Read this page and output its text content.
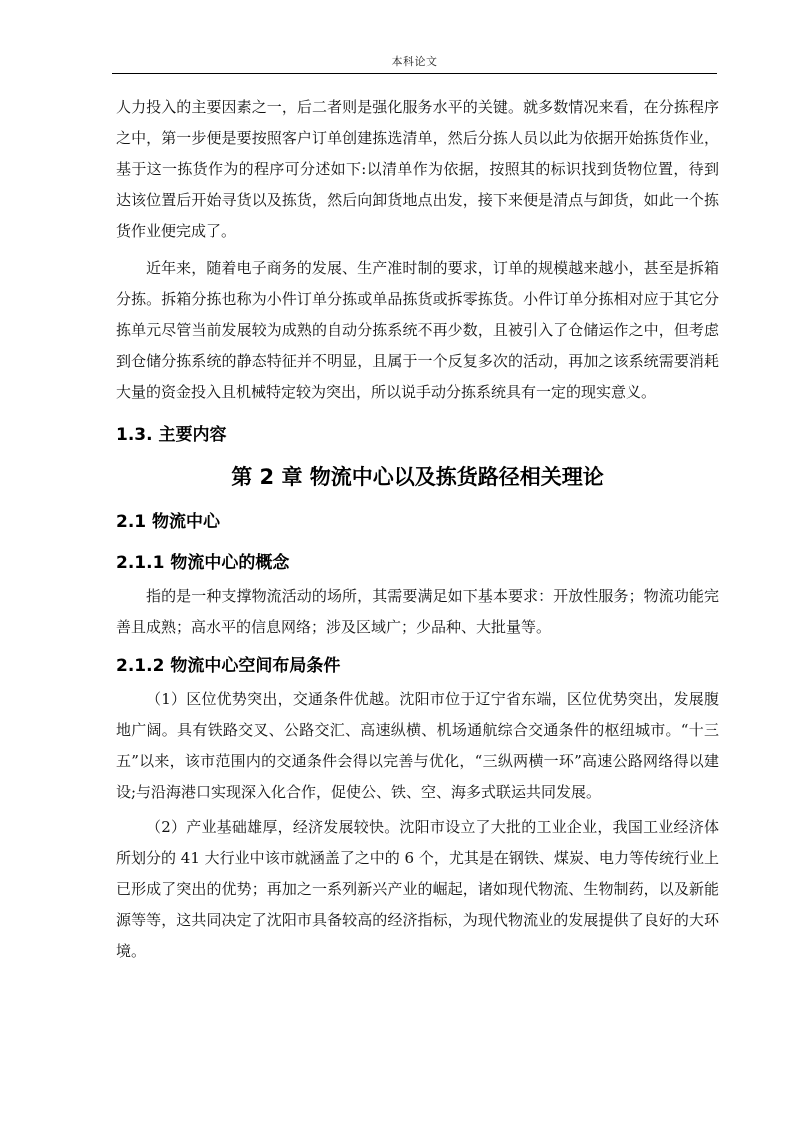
本科论文

人力投入的主要因素之一，后二者则是强化服务水平的关键。就多数情况来看，在分拣程序之中，第一步便是要按照客户订单创建拣选清单，然后分拣人员以此为依据开始拣货作业，基于这一拣货作为的程序可分述如下:以清单作为依据，按照其的标识找到货物位置，待到达该位置后开始寻货以及拣货，然后向卸货地点出发，接下来便是清点与卸货，如此一个拣货作业便完成了。

近年来，随着电子商务的发展、生产准时制的要求，订单的规模越来越小，甚至是拆箱分拣。拆箱分拣也称为小件订单分拣或单品拣货或拆零拣货。小件订单分拣相对应于其它分拣单元尽管当前发展较为成熟的自动分拣系统不再少数，且被引入了仓储运作之中，但考虑到仓储分拣系统的静态特征并不明显，且属于一个反复多次的活动，再加之该系统需要消耗大量的资金投入且机械特定较为突出，所以说手动分拣系统具有一定的现实意义。

1.3. 主要内容
第 2 章 物流中心以及拣货路径相关理论
2.1 物流中心
2.1.1 物流中心的概念

指的是一种支撑物流活动的场所，其需要满足如下基本要求：开放性服务；物流功能完善且成熟；高水平的信息网络；涉及区域广；少品种、大批量等。

2.1.2 物流中心空间布局条件

（1）区位优势突出，交通条件优越。沈阳市位于辽宁省东端，区位优势突出，发展腹地广阔。具有铁路交叉、公路交汇、高速纵横、机场通航综合交通条件的枢纽城市。“十三五”以来，该市范围内的交通条件会得以完善与优化，“三纵两横一环”高速公路网络得以建设;与沿海港口实现深入化合作，促使公、铁、空、海多式联运共同发展。

（2）产业基础雄厚，经济发展较快。沈阳市设立了大批的工业企业，我国工业经济体所划分的 41 大行业中该市就涵盖了之中的 6 个，尤其是在钢铁、煤炭、电力等传统行业上已形成了突出的优势；再加之一系列新兴产业的崛起，诸如现代物流、生物制药，以及新能源等等，这共同决定了沈阳市具备较高的经济指标，为现代物流业的发展提供了良好的大环境。
